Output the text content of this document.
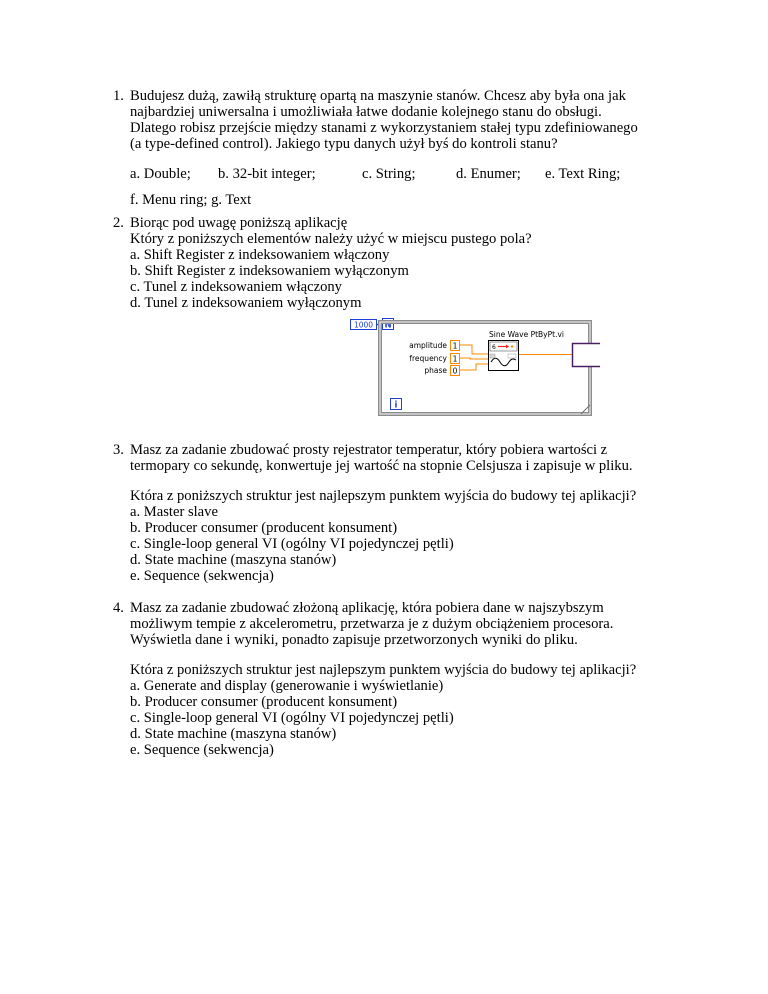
1. Budujesz dużą, zawiłą strukturę opartą na maszynie stanów. Chcesz aby była ona jak
najbardziej uniwersalna i umożliwiała łatwe dodanie kolejnego stanu do obsługi.
Dlatego robisz przejście między stanami z wykorzystaniem stałej typu zdefiniowanego
(a type-defined control). Jakiego typu danych użył byś do kontroli stanu?
a. Double; b. 32-bit integer;	c. String;	d. Enumer; e. Text Ring;
f. Menu ring; g. Text
2. Biorąc pod uwagę poniższą aplikację
Który z poniższych elementów należy użyć w miejscu pustego pola?
a. Shift Register z indeksowaniem włączony
b. Shift Register z indeksowaniem wyłączonym
c. Tunel z indeksowaniem włączony
d. Tunel z indeksowaniem wyłączonym
1000 N
amplitude
frequency
phase
1
1
0
Sine Wave PtByPt.vi
6
i
3. Masz za zadanie zbudować prosty rejestrator temperatur, który pobiera wartości z
termopary co sekundę, konwertuje jej wartość na stopnie Celsjusza i zapisuje w pliku.
Która z poniższych struktur jest najlepszym punktem wyjścia do budowy tej aplikacji?
a. Master slave
b. Producer consumer (producent konsument)
c. Single-loop general VI (ogólny VI pojedynczej pętli)
d. State machine (maszyna stanów)
e. Sequence (sekwencja)
4. Masz za zadanie zbudować złożoną aplikację, która pobiera dane w najszybszym
możliwym tempie z akcelerometru, przetwarza je z dużym obciążeniem procesora.
Wyświetla dane i wyniki, ponadto zapisuje przetworzonych wyniki do pliku.
Która z poniższych struktur jest najlepszym punktem wyjścia do budowy tej aplikacji?
a. Generate and display (generowanie i wyświetlanie)
b. Producer consumer (producent konsument)
c. Single-loop general VI (ogólny VI pojedynczej pętli)
d. State machine (maszyna stanów)
e. Sequence (sekwencja)
